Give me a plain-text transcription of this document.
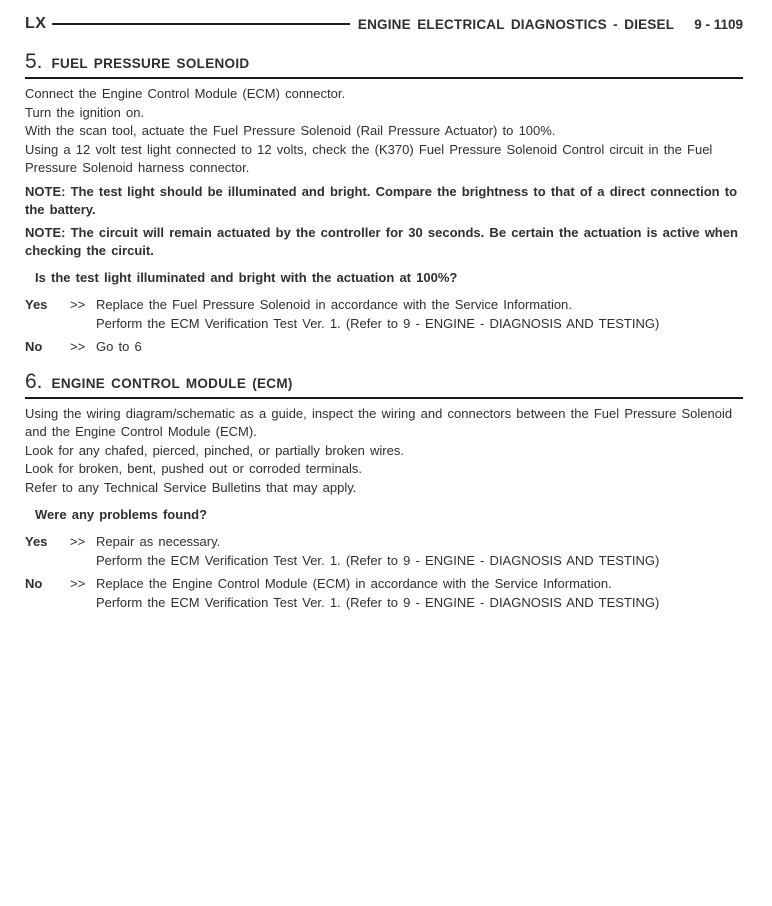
LX	ENGINE ELECTRICAL DIAGNOSTICS - DIESEL 9 - 1109
5. FUEL PRESSURE SOLENOID

Connect the Engine Control Module (ECM) connector.

Turn the ignition on.

With the scan tool, actuate the Fuel Pressure Solenoid (Rail Pressure Actuator) to 100%.

Using a 12 volt test light connected to 12 volts, check the (K370) Fuel Pressure Solenoid Control circuit in the Fuel Pressure Solenoid harness connector.

NOTE: The test light should be illuminated and bright. Compare the brightness to that of a direct connection to the battery.

NOTE: The circuit will remain actuated by the controller for 30 seconds. Be certain the actuation is active when checking the circuit.

Is the test light illuminated and bright with the actuation at 100%?

Yes	>> Replace the Fuel Pressure Solenoid in accordance with the Service Information.
Perform the ECM Verification Test Ver. 1. (Refer to 9 - ENGINE - DIAGNOSIS AND TESTING)
No	>> Go to 6
6. ENGINE CONTROL MODULE (ECM)

Using the wiring diagram/schematic as a guide, inspect the wiring and connectors between the Fuel Pressure Solenoid and the Engine Control Module (ECM).

Look for any chafed, pierced, pinched, or partially broken wires.

Look for broken, bent, pushed out or corroded terminals.

Refer to any Technical Service Bulletins that may apply.

Were any problems found?

Yes	>> Repair as necessary.
Perform the ECM Verification Test Ver. 1. (Refer to 9 - ENGINE - DIAGNOSIS AND TESTING)
No	>> Replace the Engine Control Module (ECM) in accordance with the Service Information.
Perform the ECM Verification Test Ver. 1. (Refer to 9 - ENGINE - DIAGNOSIS AND TESTING)
